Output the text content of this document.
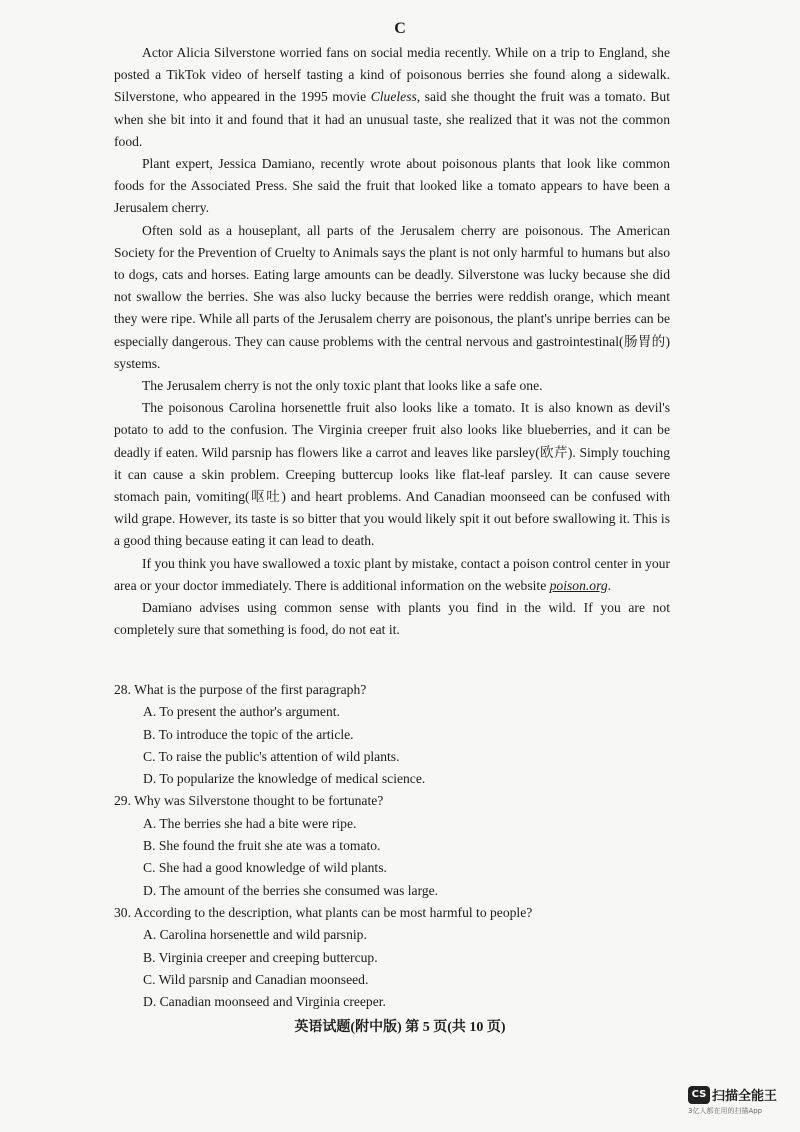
C

Actor Alicia Silverstone worried fans on social media recently. While on a trip to England, she posted a TikTok video of herself tasting a kind of poisonous berries she found along a sidewalk. Silverstone, who appeared in the 1995 movie Clueless, said she thought the fruit was a tomato. But when she bit into it and found that it had an unusual taste, she realized that it was not the common food.

Plant expert, Jessica Damiano, recently wrote about poisonous plants that look like common foods for the Associated Press. She said the fruit that looked like a tomato appears to have been a Jerusalem cherry.

Often sold as a houseplant, all parts of the Jerusalem cherry are poisonous. The American Society for the Prevention of Cruelty to Animals says the plant is not only harmful to humans but also to dogs, cats and horses. Eating large amounts can be deadly. Silverstone was lucky because she did not swallow the berries. She was also lucky because the berries were reddish orange, which meant they were ripe. While all parts of the Jerusalem cherry are poisonous, the plant's unripe berries can be especially dangerous. They can cause problems with the central nervous and gastrointestinal(肠胃的) systems.

The Jerusalem cherry is not the only toxic plant that looks like a safe one.

The poisonous Carolina horsenettle fruit also looks like a tomato. It is also known as devil's potato to add to the confusion. The Virginia creeper fruit also looks like blueberries, and it can be deadly if eaten. Wild parsnip has flowers like a carrot and leaves like parsley(欧芹). Simply touching it can cause a skin problem. Creeping buttercup looks like flat-leaf parsley. It can cause severe stomach pain, vomiting(呕吐) and heart problems. And Canadian moonseed can be confused with wild grape. However, its taste is so bitter that you would likely spit it out before swallowing it. This is a good thing because eating it can lead to death.

If you think you have swallowed a toxic plant by mistake, contact a poison control center in your area or your doctor immediately. There is additional information on the website poison.org.

Damiano advises using common sense with plants you find in the wild. If you are not completely sure that something is food, do not eat it.

28. What is the purpose of the first paragraph?

A. To present the author's argument.

B. To introduce the topic of the article.

C. To raise the public's attention of wild plants.

D. To popularize the knowledge of medical science.

29. Why was Silverstone thought to be fortunate?

A. The berries she had a bite were ripe.

B. She found the fruit she ate was a tomato.

C. She had a good knowledge of wild plants.

D. The amount of the berries she consumed was large.

30. According to the description, what plants can be most harmful to people?

A. Carolina horsenettle and wild parsnip.

B. Virginia creeper and creeping buttercup.

C. Wild parsnip and Canadian moonseed.

D. Canadian moonseed and Virginia creeper.

英语试题(附中版) 第 5 页(共 10 页)
CS 扫描全能王
3亿人都在用的扫描App
